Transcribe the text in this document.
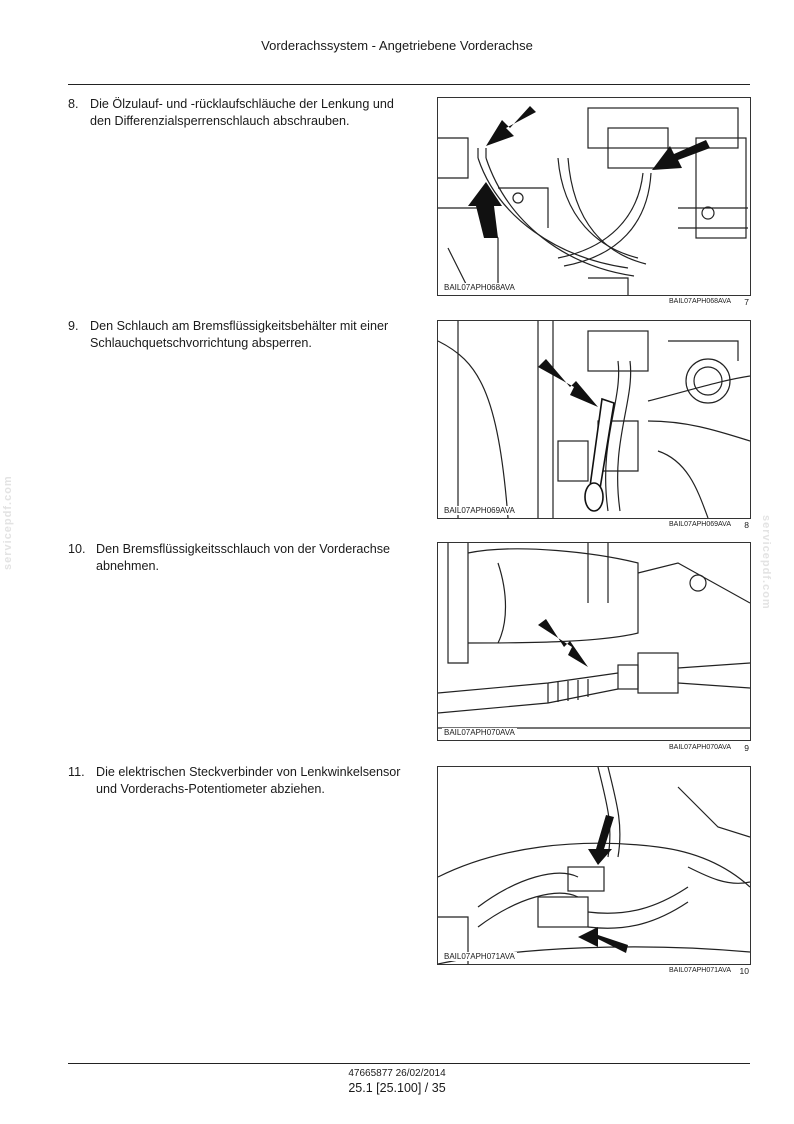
Vorderachssystem - Angetriebene Vorderachse
8. Die Ölzulauf- und -rücklaufschläuche der Lenkung und den Differenzialsperrenschlauch abschrauben.
BAIL07APH068AVA
BAIL07APH068AVA 7
9. Den Schlauch am Bremsflüssigkeitsbehälter mit einer Schlauchquetschvorrichtung absperren.
BAIL07APH069AVA
BAIL07APH069AVA 8
10. Den Bremsflüssigkeitsschlauch von der Vorderachse abnehmen.
BAIL07APH070AVA
BAIL07APH070AVA 9
11. Die elektrischen Steckverbinder von Lenkwinkelsensor und Vorderachs-Potentiometer abziehen.
BAIL07APH071AVA
BAIL07APH071AVA 10
servicepdf.com	servicepdf.com
47665877 26/02/2014
25.1 [25.100] / 35
